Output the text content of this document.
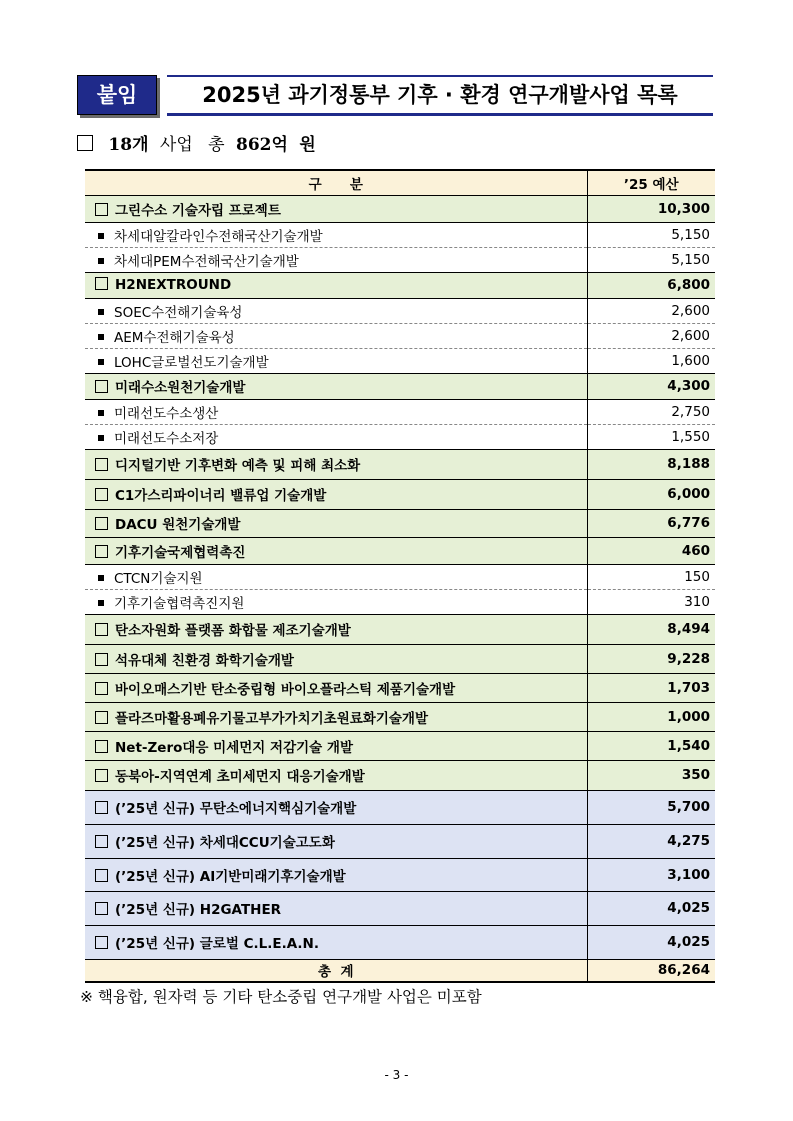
붙임	2025년 과기정통부 기후 · 환경 연구개발사업 목록
18개 사업 총 862억 원
구      분	’25 예산
그린수소 기술자립 프로젝트	10,300
차세대알칼라인수전해국산기술개발	5,150
차세대PEM수전해국산기술개발	5,150
H2NEXTROUND	6,800
SOEC수전해기술육성	2,600
AEM수전해기술육성	2,600
LOHC글로벌선도기술개발	1,600
미래수소원천기술개발	4,300
미래선도수소생산	2,750
미래선도수소저장	1,550
디지털기반 기후변화 예측 및 피해 최소화	8,188
C1가스리파이너리 밸류업 기술개발	6,000
DACU 원천기술개발	6,776
기후기술국제협력촉진	460
CTCN기술지원	150
기후기술협력촉진지원	310
탄소자원화 플랫폼 화합물 제조기술개발	8,494
석유대체 친환경 화학기술개발	9,228
바이오매스기반 탄소중립형 바이오플라스틱 제품기술개발	1,703
플라즈마활용폐유기물고부가가치기초원료화기술개발	1,000
Net-Zero대응 미세먼지 저감기술 개발	1,540
동북아-지역연계 초미세먼지 대응기술개발	350
(’25년 신규) 무탄소에너지핵심기술개발	5,700
(’25년 신규) 차세대CCU기술고도화	4,275
(’25년 신규) AI기반미래기후기술개발	3,100
(’25년 신규) H2GATHER	4,025
(’25년 신규) 글로벌 C.L.E.A.N.	4,025
총  계	86,264
※ 핵융합, 원자력 등 기타 탄소중립 연구개발 사업은 미포함
- 3 -
